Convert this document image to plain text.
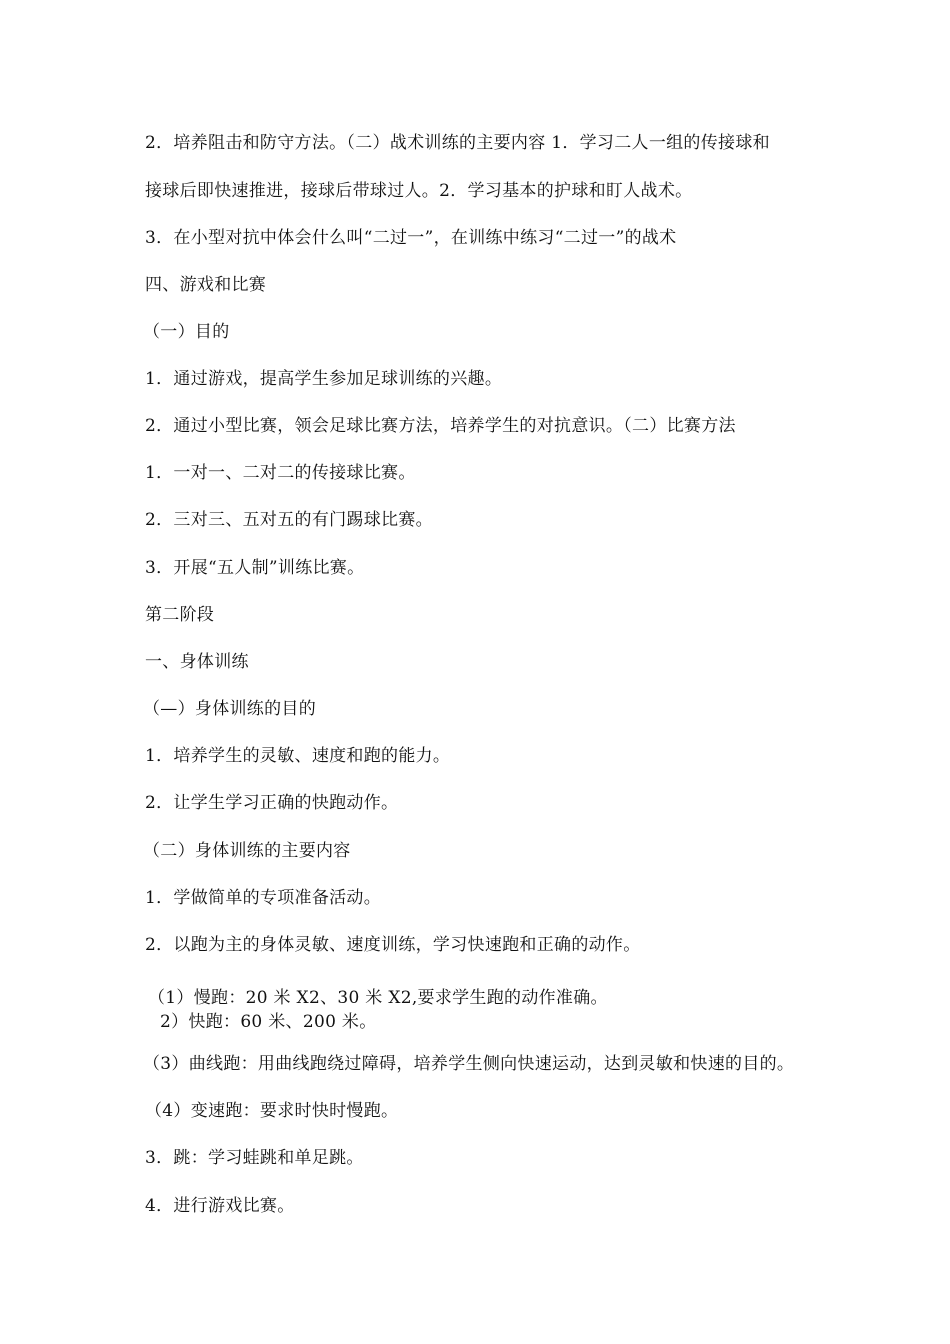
2．培养阻击和防守方法。（二）战术训练的主要内容 1．学习二人一组的传接球和
接球后即快速推进，接球后带球过人。2．学习基本的护球和盯人战术。
3．在小型对抗中体会什么叫“二过一”，在训练中练习“二过一”的战术
四、游戏和比赛
（一）目的
1．通过游戏，提高学生参加足球训练的兴趣。
2．通过小型比赛，领会足球比赛方法，培养学生的对抗意识。（二）比赛方法
1．一对一、二对二的传接球比赛。
2．三对三、五对五的有门踢球比赛。
3．开展“五人制”训练比赛。
第二阶段
一、身体训练
（—）身体训练的目的
1．培养学生的灵敏、速度和跑的能力。
2．让学生学习正确的快跑动作。
（二）身体训练的主要内容
1．学做简单的专项准备活动。
2．以跑为主的身体灵敏、速度训练，学习快速跑和正确的动作。
（1）慢跑：20 米 X2、30 米 X2,要求学生跑的动作准确。
2）快跑：60 米、200 米。
（3）曲线跑：用曲线跑绕过障碍，培养学生侧向快速运动，达到灵敏和快速的目的。
（4）变速跑：要求时快时慢跑。
3．跳：学习蛙跳和单足跳。
4．进行游戏比赛。
